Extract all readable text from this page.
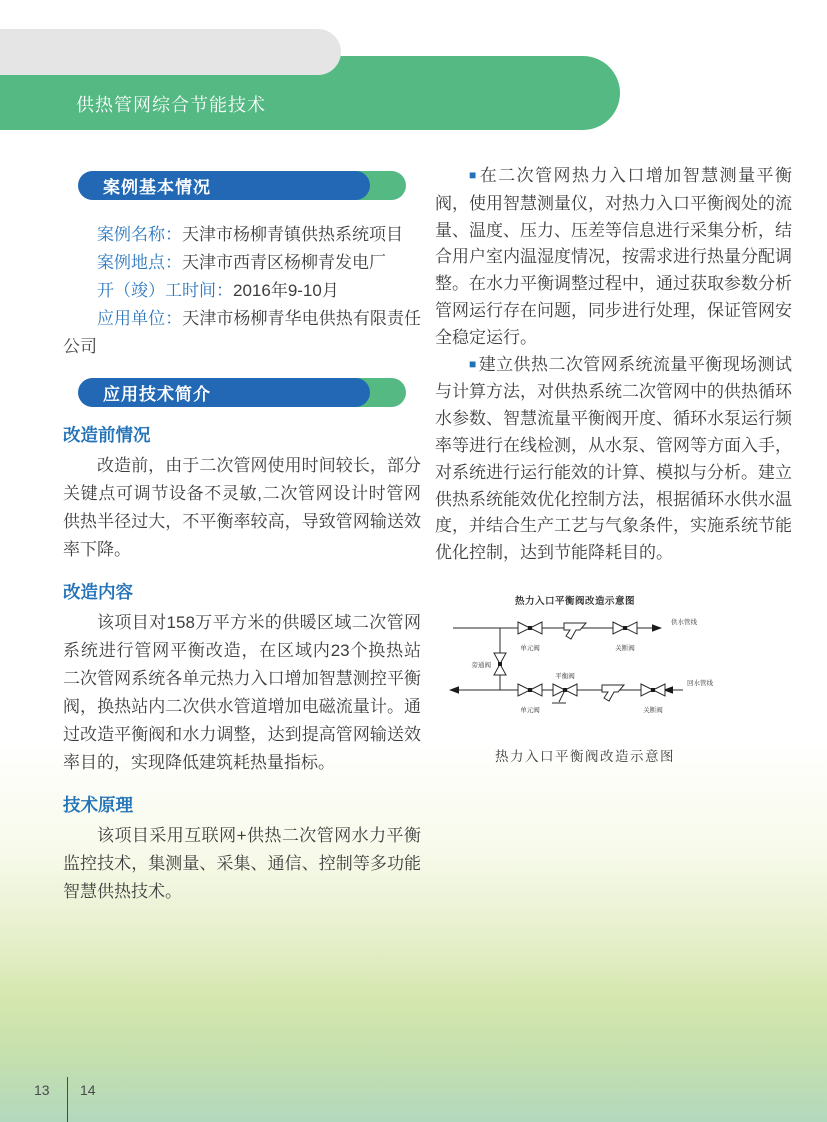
供热管网综合节能技术
案例基本情况

案例名称：天津市杨柳青镇供热系统项目

案例地点：天津市西青区杨柳青发电厂

开（竣）工时间：2016年9-10月

应用单位：天津市杨柳青华电供热有限责任公司

应用技术简介
改造前情况

改造前，由于二次管网使用时间较长，部分关键点可调节设备不灵敏,二次管网设计时管网供热半径过大，不平衡率较高，导致管网输送效率下降。

改造内容

该项目对158万平方米的供暖区域二次管网系统进行管网平衡改造，在区域内23个换热站二次管网系统各单元热力入口增加智慧测控平衡阀，换热站内二次供水管道增加电磁流量计。通过改造平衡阀和水力调整，达到提高管网输送效率目的，实现降低建筑耗热量指标。

技术原理

该项目采用互联网+供热二次管网水力平衡监控技术，集测量、采集、通信、控制等多功能智慧供热技术。

■ 在二次管网热力入口增加智慧测量平衡阀，使用智慧测量仪，对热力入口平衡阀处的流量、温度、压力、压差等信息进行采集分析，结合用户室内温湿度情况，按需求进行热量分配调整。在水力平衡调整过程中，通过获取参数分析管网运行存在问题，同步进行处理，保证管网安全稳定运行。

■ 建立供热二次管网系统流量平衡现场测试与计算方法，对供热系统二次管网中的供热循环水参数、智慧流量平衡阀开度、循环水泵运行频率等进行在线检测，从水泵、管网等方面入手，对系统进行运行能效的计算、模拟与分析。建立供热系统能效优化控制方法，根据循环水供水温度，并结合生产工艺与气象条件，实施系统节能优化控制，达到节能降耗目的。

热力入口平衡阀改造示意图
供水管线
单元阀	关断阀
旁通阀
回水管线
单元阀
平衡阀
关断阀
热力入口平衡阀改造示意图
13 14
